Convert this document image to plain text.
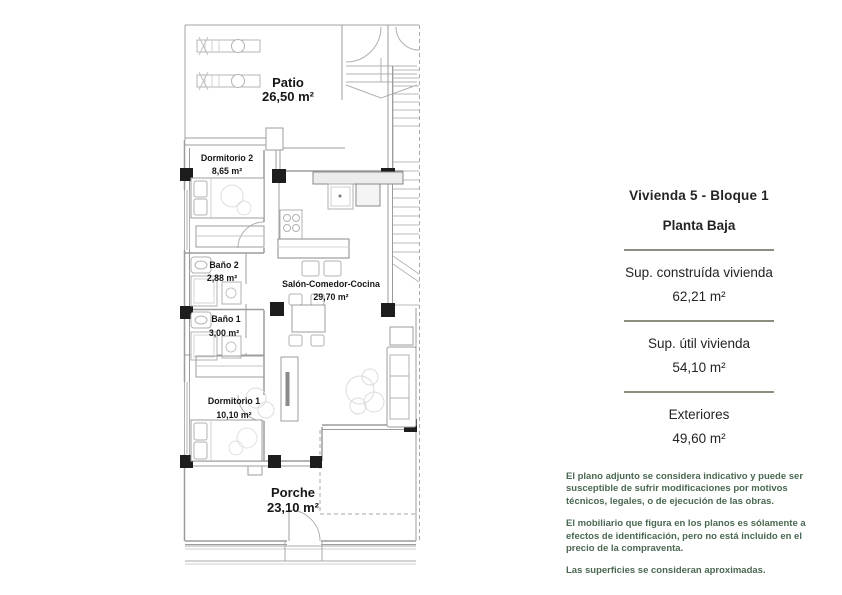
Patio
26,50 m²
Dormitorio 2
8,65 m²
Baño 2
2,88 m²
Baño 1
3,00 m²
Dormitorio 1
10,10 m²
Salón-Comedor-Cocina
29,70 m²
Porche
23,10 m²
Vivienda 5 - Bloque 1
Planta Baja
Sup. construída vivienda
62,21 m²
Sup. útil vivienda
54,10 m²
Exteriores
49,60 m²

El plano adjunto se considera indicativo y puede ser susceptible de sufrir modificaciones por motivos técnicos, legales, o de ejecución de las obras.

El mobiliario que figura en los planos es sólamente a efectos de identificación, pero no está incluido en el precio de la compraventa.

Las superficies se consideran aproximadas.
